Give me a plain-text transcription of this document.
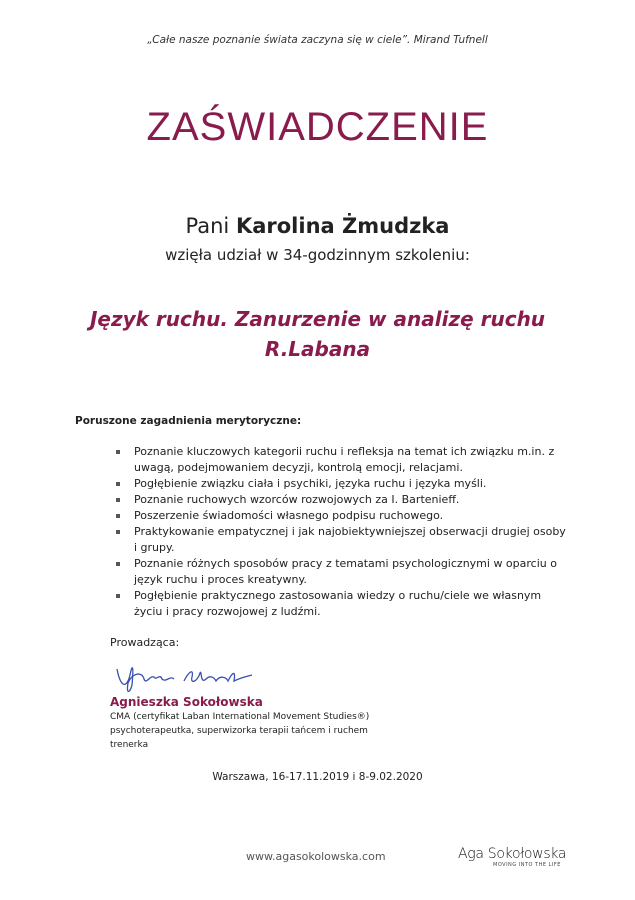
„Całe nasze poznanie świata zaczyna się w ciele”. Mirand Tufnell
ZAŚWIADCZENIE
Pani Karolina Żmudzka
wzięła udział w 34-godzinnym szkoleniu:
Język ruchu. Zanurzenie w analizę ruchu
R.Labana
Poruszone zagadnienia merytoryczne:
Poznanie kluczowych kategorii ruchu i refleksja na temat ich związku m.in. z uwagą, podejmowaniem decyzji, kontrolą emocji, relacjami.
Pogłębienie związku ciała i psychiki, języka ruchu i języka myśli.
Poznanie ruchowych wzorców rozwojowych za I. Bartenieff.
Poszerzenie świadomości własnego podpisu ruchowego.
Praktykowanie empatycznej i jak najobiektywniejszej obserwacji drugiej osoby i grupy.
Poznanie różnych sposobów pracy z tematami psychologicznymi w oparciu o język ruchu i proces kreatywny.
Pogłębienie praktycznego zastosowania wiedzy o ruchu/ciele we własnym życiu i pracy rozwojowej z ludźmi.
Prowadząca:
Agnieszka Sokołowska
CMA (certyfikat Laban International Movement Studies®)
psychoterapeutka, superwizorka terapii tańcem i ruchem
trenerka
Warszawa, 16-17.11.2019 i 8-9.02.2020
www.agasokolowska.com	Aga Sokołowska
MOVING INTO THE LIFE
